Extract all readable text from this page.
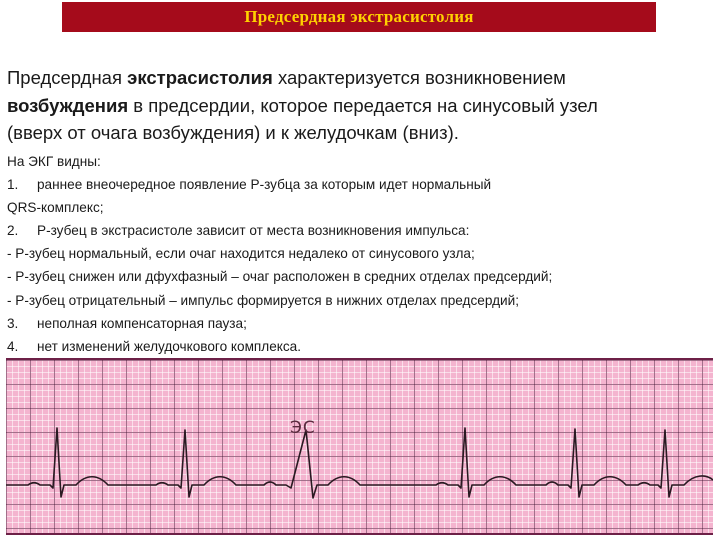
Предсердная экстрасистолия
Предсердная экстрасистолия характеризуется возникновением
возбуждения в предсердии, которое передается на синусовый узел
(вверх от очага возбуждения) и к желудочкам (вниз).
На ЭКГ видны:
1. раннее внеочередное появление P-зубца за которым идет нормальный
QRS-комплекс;
2. P-зубец в экстрасистоле зависит от места возникновения импульса:
- P-зубец нормальный, если очаг находится недалеко от синусового узла;
- P-зубец снижен или дфухфазный – очаг расположен в средних отделах предсердий;
- P-зубец отрицательный – импульс формируется в нижних отделах предсердий;
3. неполная компенсаторная пауза;
4. нет изменений желудочкового комплекса.
ЭС
